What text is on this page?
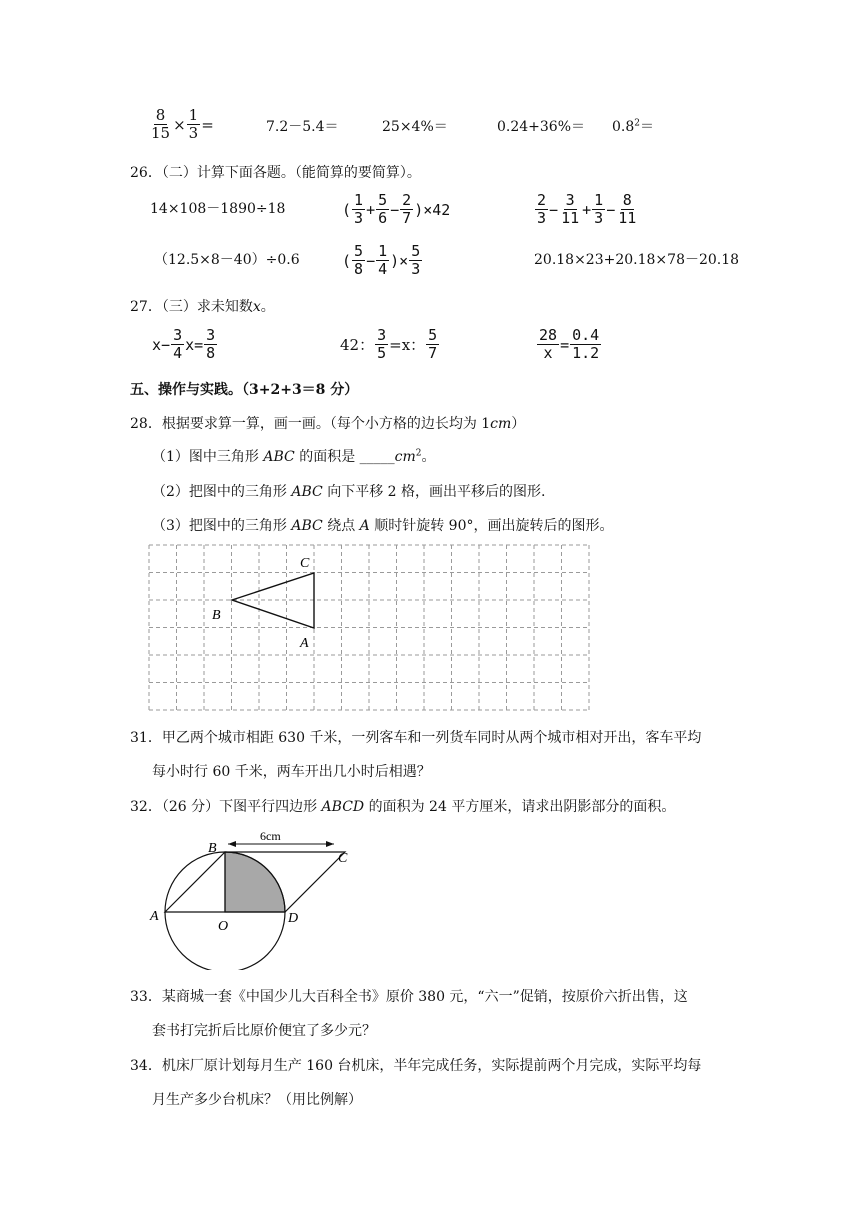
$\frac{8}{15} \times \frac{1}{3}$ =	7.2－5.4＝	25×4%＝	$0.24+36\%= 0.8^2=$
26．（二）计算下面各题。（能简算的要简算）。
14×108－1890÷18	( $\frac{1}{3} + \frac{5}{6} - \frac{2}{7} )\times 42$	$\frac{2}{3} - \frac{3}{11} + \frac{1}{3} - \frac{8}{11}$
（12.5×8－40）÷0.6	( $\frac{5}{8} - \frac{1}{4}$ )× $\frac{5}{3}$	20.18×23+20.18×78－20.18
27．（三）求未知数x。
$x- \frac{3}{4} x= \frac{3}{8}$	42： $\frac{3}{5} =x$： $\frac{5}{7}$	$\frac{28}{x} = \frac{0.4}{1.2}$
五、操作与实践。（3+2+3＝8 分）
28．根据要求算一算，画一画。（每个小方格的边长均为 1cm）
（1）图中三角形 ABC 的面积是 $\_\_\_\_\_cm^2$。
（2）把图中的三角形 ABC 向下平移 2 格，画出平移后的图形.
（3）把图中的三角形 ABC 绕点 A 顺时针旋转 90°，画出旋转后的图形。
C
B
A
31．甲乙两个城市相距 630 千米，一列客车和一列货车同时从两个城市相对开出，客车平均
每小时行 60 千米，两车开出几小时后相遇？
32．（26 分）下图平行四边形 ABCD 的面积为 24 平方厘米，请求出阴影部分的面积。
6cm
B
C
A
O
D
33．某商城一套《中国少儿大百科全书》原价 380 元，“六一”促销，按原价六折出售，这
套书打完折后比原价便宜了多少元？
34．机床厂原计划每月生产 160 台机床，半年完成任务，实际提前两个月完成，实际平均每
月生产多少台机床？（用比例解）
